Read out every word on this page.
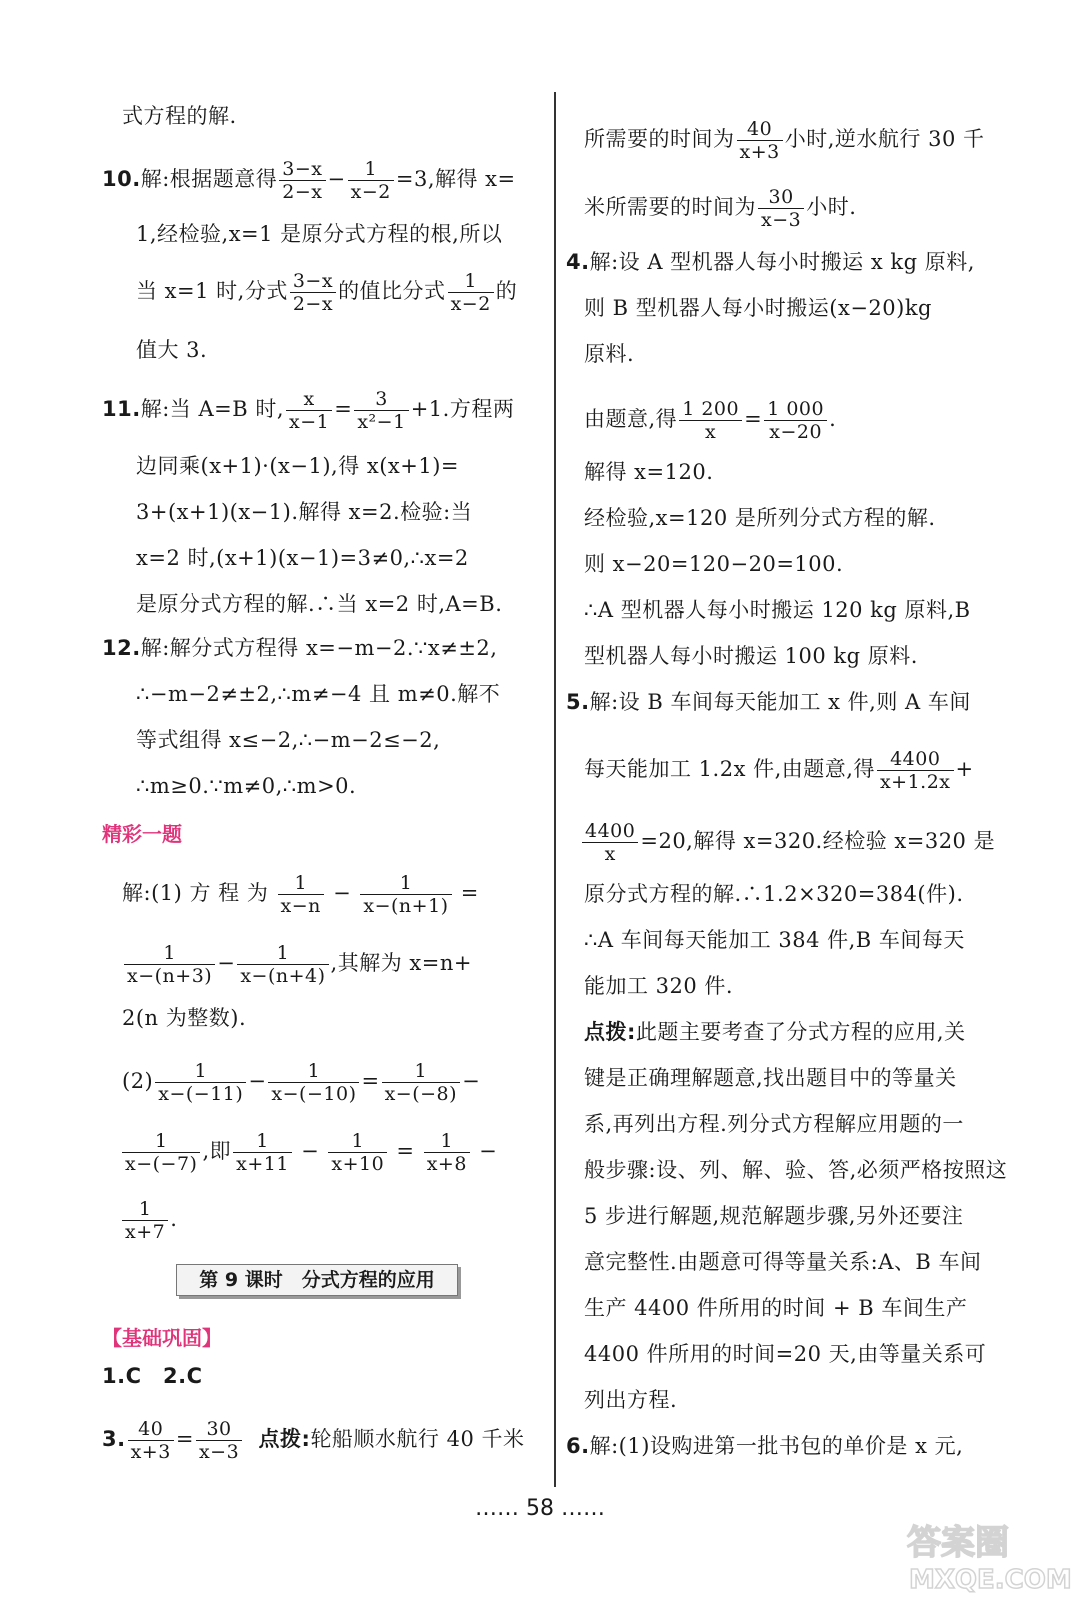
式方程的解.
10.解:根据题意得 $\frac{3-x}{2-x} - \frac{1}{x-2} =3$,解得 x=
1,经检验,x=1 是原分式方程的根,所以
当 x=1 时,分式 $\frac{3-x}{2-x}$ 的值比分式 $\frac{1}{x-2}$ 的
值大 3.
11.解:当 A=B 时, $\frac{x}{x-1} = \frac{3}{\text{x²−1}} +1$.方程两
边同乘(x+1)·(x−1),得 x(x+1)=
3+(x+1)(x−1).解得 x=2.检验:当
x=2 时,(x+1)(x−1)=3≠0,∴x=2
是原分式方程的解.∴当 x=2 时,A=B.
12.解:解分式方程得 x=−m−2.∵x≠±2,
∴−m−2≠±2,∴m≠−4 且 m≠0.解不
等式组得 x≤−2,∴−m−2≤−2,
∴m≥0.∵m≠0,∴m>0.
精彩一题
解:(1) 方 程 为 $\frac{1}{x-n} - \frac{1}{x-(n+1)}$ =
$\frac{1}{x-(n+3)} - \frac{1}{x-(n+4)}$ ,其解为 x=n+
2(n 为整数).
$(2) \frac{1}{x-(-11)} - \frac{1}{x-(-10)} = \frac{1}{x-(-8)}$ −
$\frac{1}{x-(-7)}$ ,即 $\frac{1}{x+11} - \frac{1}{x+10} = \frac{1}{x+8}$ −
$\frac{1}{x+7}$ .
【基础巩固】
1.C　2.C
3. $\frac{40}{x+3} = \frac{30}{x-3}$ 点拨:轮船顺水航行 40 千米
第 9 课时　分式方程的应用
所需要的时间为 $\frac{40}{x+3}$ 小时,逆水航行 30 千
米所需要的时间为 $\frac{30}{x-3}$ 小时.
4.解:设 A 型机器人每小时搬运 x kg 原料,
则 B 型机器人每小时搬运(x−20)kg
原料.
由题意,得 $\frac{1 200}{x} = \frac{1 000}{x-20}$ .
解得 x=120.
经检验,x=120 是所列分式方程的解.
则 x−20=120−20=100.
∴A 型机器人每小时搬运 120 kg 原料,B
型机器人每小时搬运 100 kg 原料.
5.解:设 B 车间每天能加工 x 件,则 A 车间
每天能加工 1.2x 件,由题意,得 $\frac{4400}{x+1.2x}$ +
$\frac{4400}{x} =20$,解得 x=320.经检验 x=320 是
原分式方程的解.∴1.2×320=384(件).
∴A 车间每天能加工 384 件,B 车间每天
能加工 320 件.
点拨:此题主要考查了分式方程的应用,关
键是正确理解题意,找出题目中的等量关
系,再列出方程.列分式方程解应用题的一
般步骤:设、列、解、验、答,必须严格按照这
5 步进行解题,规范解题步骤,另外还要注
意完整性.由题意可得等量关系:A、B 车间
生产 4400 件所用的时间 + B 车间生产
4400 件所用的时间=20 天,由等量关系可
列出方程.
6.解:(1)设购进第一批书包的单价是 x 元,
…… 58 ……
答案圈
MXQE.COM
